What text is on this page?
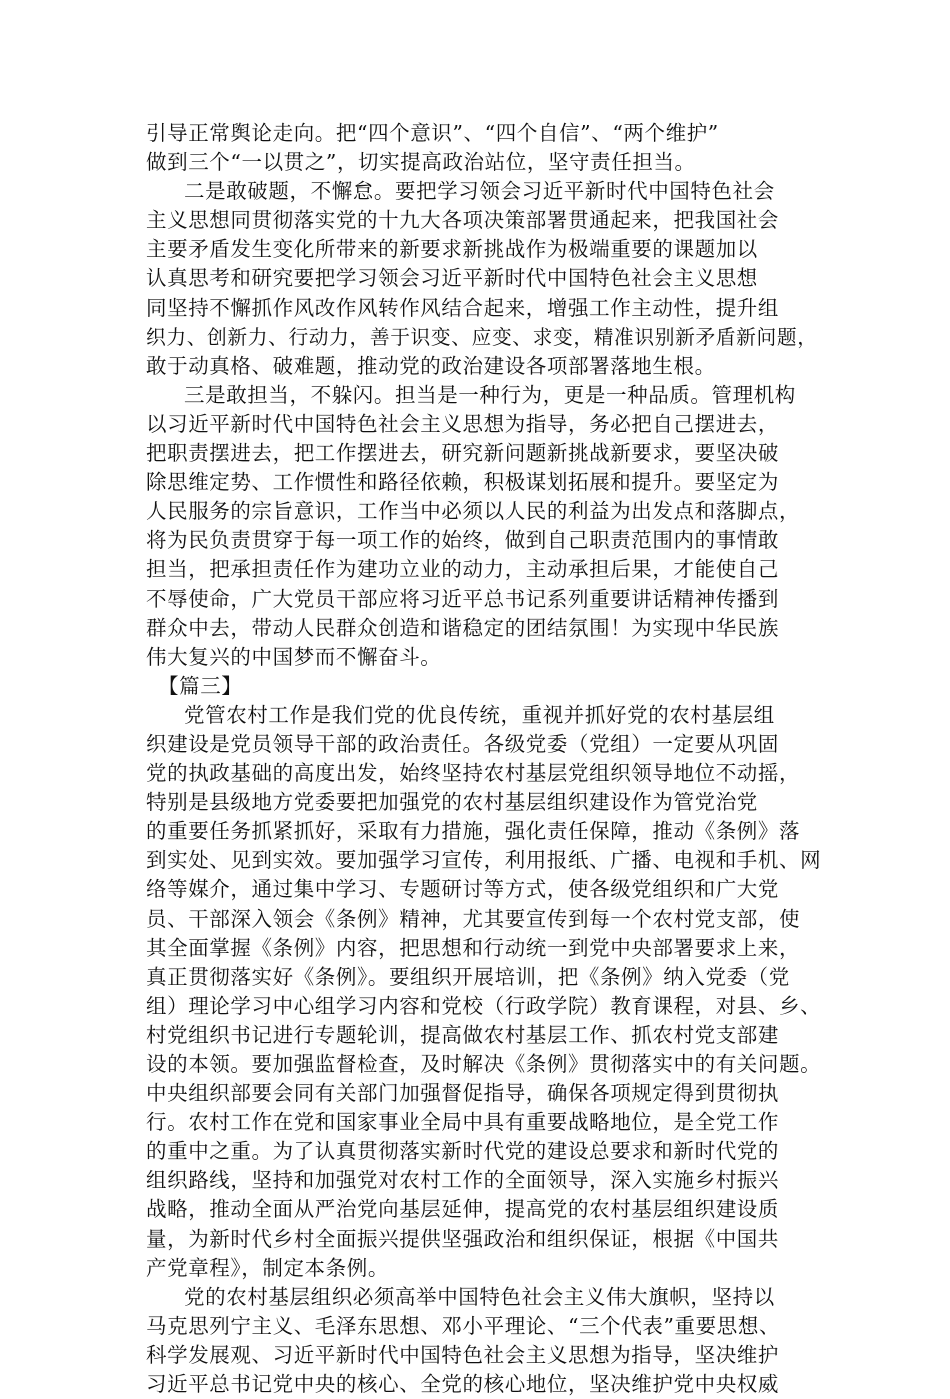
引导正常舆论走向。把“四个意识”、“四个自信”、“两个维护”
做到三个“一以贯之”，切实提高政治站位，坚守责任担当。
二是敢破题，不懈怠。要把学习领会习近平新时代中国特色社会
主义思想同贯彻落实党的十九大各项决策部署贯通起来，把我国社会
主要矛盾发生变化所带来的新要求新挑战作为极端重要的课题加以
认真思考和研究要把学习领会习近平新时代中国特色社会主义思想
同坚持不懈抓作风改作风转作风结合起来，增强工作主动性，提升组
织力、创新力、行动力，善于识变、应变、求变，精准识别新矛盾新问题，
敢于动真格、破难题，推动党的政治建设各项部署落地生根。
三是敢担当，不躲闪。担当是一种行为，更是一种品质。管理机构
以习近平新时代中国特色社会主义思想为指导，务必把自己摆进去，
把职责摆进去，把工作摆进去，研究新问题新挑战新要求，要坚决破
除思维定势、工作惯性和路径依赖，积极谋划拓展和提升。要坚定为
人民服务的宗旨意识，工作当中必须以人民的利益为出发点和落脚点，
将为民负责贯穿于每一项工作的始终，做到自己职责范围内的事情敢
担当，把承担责任作为建功立业的动力，主动承担后果，才能使自己
不辱使命，广大党员干部应将习近平总书记系列重要讲话精神传播到
群众中去，带动人民群众创造和谐稳定的团结氛围！为实现中华民族
伟大复兴的中国梦而不懈奋斗。
【篇三】
党管农村工作是我们党的优良传统，重视并抓好党的农村基层组
织建设是党员领导干部的政治责任。各级党委（党组）一定要从巩固
党的执政基础的高度出发，始终坚持农村基层党组织领导地位不动摇，
特别是县级地方党委要把加强党的农村基层组织建设作为管党治党
的重要任务抓紧抓好，采取有力措施，强化责任保障，推动《条例》落
到实处、见到实效。要加强学习宣传，利用报纸、广播、电视和手机、网
络等媒介，通过集中学习、专题研讨等方式，使各级党组织和广大党
员、干部深入领会《条例》精神，尤其要宣传到每一个农村党支部，使
其全面掌握《条例》内容，把思想和行动统一到党中央部署要求上来，
真正贯彻落实好《条例》。要组织开展培训，把《条例》纳入党委（党
组）理论学习中心组学习内容和党校（行政学院）教育课程，对县、乡、
村党组织书记进行专题轮训，提高做农村基层工作、抓农村党支部建
设的本领。要加强监督检查，及时解决《条例》贯彻落实中的有关问题。
中央组织部要会同有关部门加强督促指导，确保各项规定得到贯彻执
行。农村工作在党和国家事业全局中具有重要战略地位，是全党工作
的重中之重。为了认真贯彻落实新时代党的建设总要求和新时代党的
组织路线，坚持和加强党对农村工作的全面领导，深入实施乡村振兴
战略，推动全面从严治党向基层延伸，提高党的农村基层组织建设质
量，为新时代乡村全面振兴提供坚强政治和组织保证，根据《中国共
产党章程》，制定本条例。
党的农村基层组织必须高举中国特色社会主义伟大旗帜，坚持以
马克思列宁主义、毛泽东思想、邓小平理论、“三个代表”重要思想、
科学发展观、习近平新时代中国特色社会主义思想为指导，坚决维护
习近平总书记党中央的核心、全党的核心地位，坚决维护党中央权威
